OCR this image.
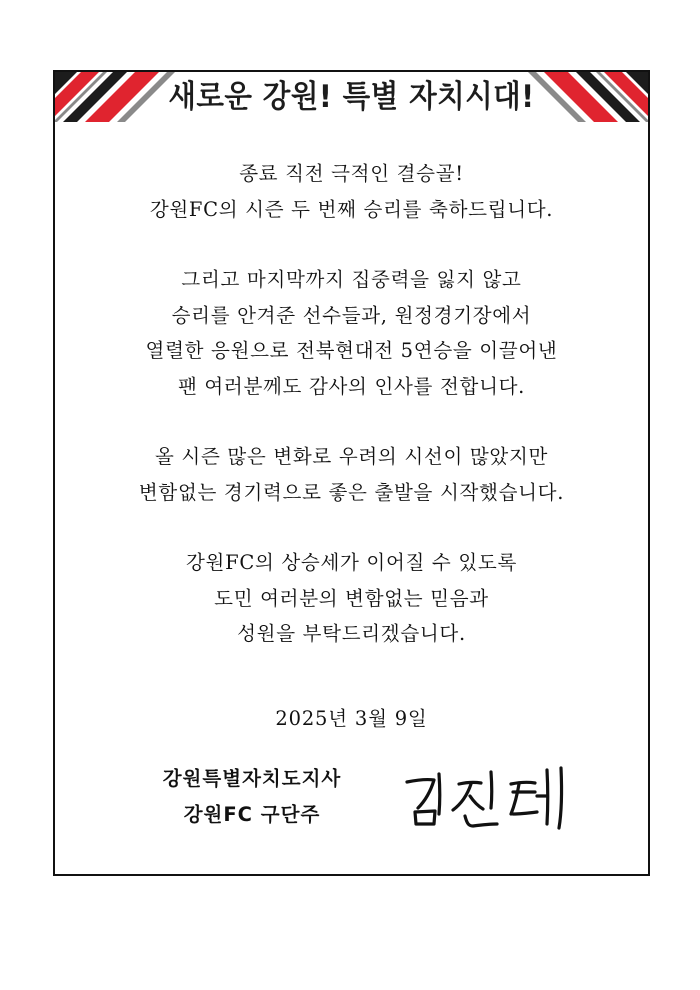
새로운 강원! 특별 자치시대!
종료 직전 극적인 결승골!
강원FC의 시즌 두 번째 승리를 축하드립니다.
그리고 마지막까지 집중력을 잃지 않고
승리를 안겨준 선수들과, 원정경기장에서
열렬한 응원으로 전북현대전 5연승을 이끌어낸
팬 여러분께도 감사의 인사를 전합니다.
올 시즌 많은 변화로 우려의 시선이 많았지만
변함없는 경기력으로 좋은 출발을 시작했습니다.
강원FC의 상승세가 이어질 수 있도록
도민 여러분의 변함없는 믿음과
성원을 부탁드리겠습니다.
2025년 3월 9일
강원특별자치도지사
강원FC 구단주
